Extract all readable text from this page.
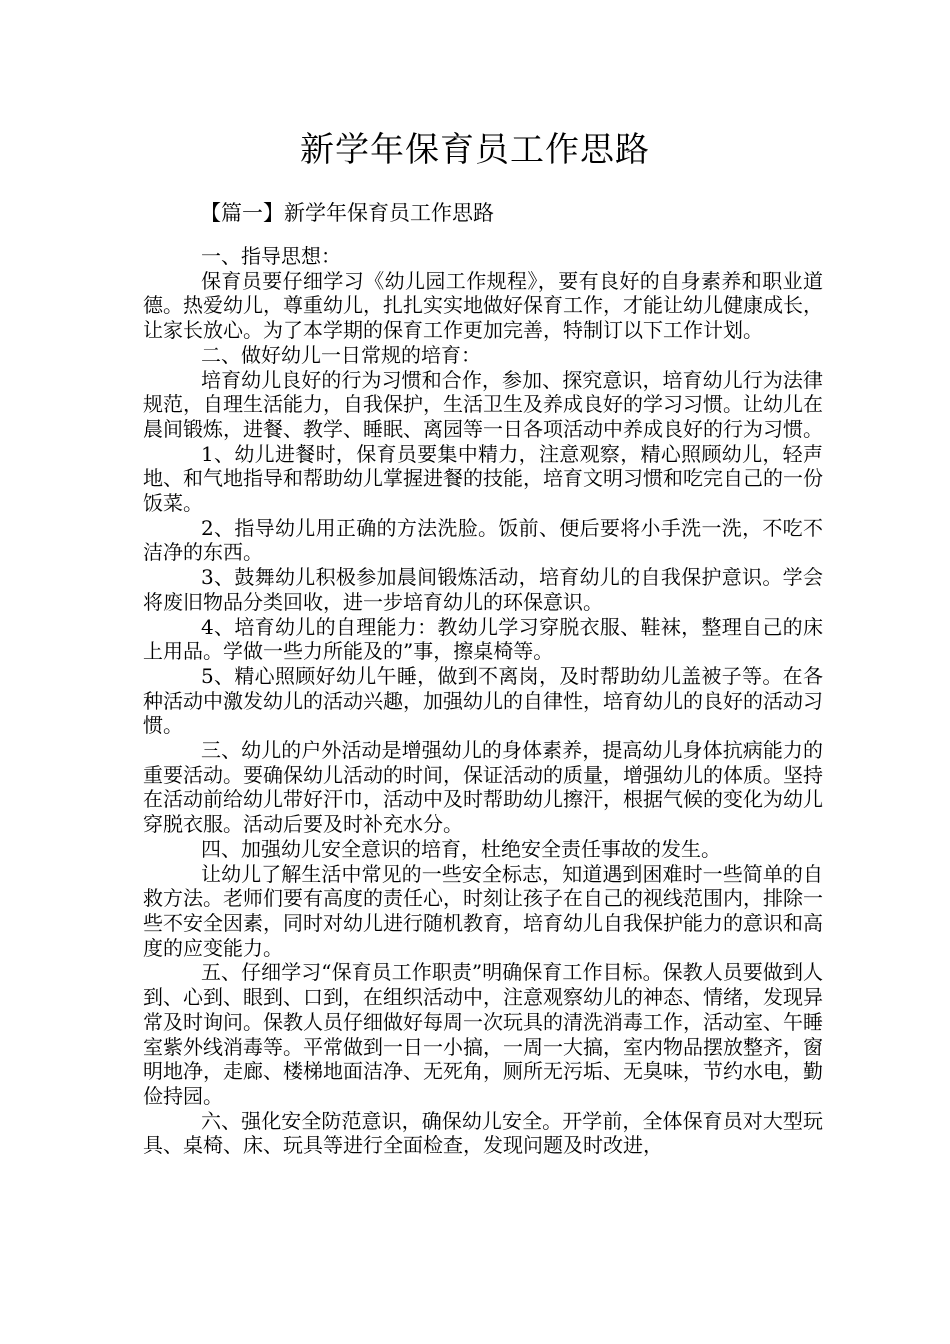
新学年保育员工作思路
【篇一】新学年保育员工作思路

一、指导思想：

保育员要仔细学习《幼儿园工作规程》，要有良好的自身素养和职业道德。热爱幼儿，尊重幼儿，扎扎实实地做好保育工作，才能让幼儿健康成长，让家长放心。为了本学期的保育工作更加完善，特制订以下工作计划。

二、做好幼儿一日常规的培育：

培育幼儿良好的行为习惯和合作，参加、探究意识，培育幼儿行为法律规范，自理生活能力，自我保护，生活卫生及养成良好的学习习惯。让幼儿在晨间锻炼，进餐、教学、睡眠、离园等一日各项活动中养成良好的行为习惯。

1、幼儿进餐时，保育员要集中精力，注意观察，精心照顾幼儿，轻声地、和气地指导和帮助幼儿掌握进餐的技能，培育文明习惯和吃完自己的一份饭菜。

2、指导幼儿用正确的方法洗脸。饭前、便后要将小手洗一洗，不吃不洁净的东西。

3、鼓舞幼儿积极参加晨间锻炼活动，培育幼儿的自我保护意识。学会将废旧物品分类回收，进一步培育幼儿的环保意识。

4、培育幼儿的自理能力：教幼儿学习穿脱衣服、鞋袜，整理自己的床上用品。学做一些力所能及的”事，擦桌椅等。

5、精心照顾好幼儿午睡，做到不离岗，及时帮助幼儿盖被子等。在各种活动中激发幼儿的活动兴趣，加强幼儿的自律性，培育幼儿的良好的活动习惯。

三、幼儿的户外活动是增强幼儿的身体素养，提高幼儿身体抗病能力的重要活动。要确保幼儿活动的时间，保证活动的质量，增强幼儿的体质。坚持在活动前给幼儿带好汗巾，活动中及时帮助幼儿擦汗，根据气候的变化为幼儿穿脱衣服。活动后要及时补充水分。

四、加强幼儿安全意识的培育，杜绝安全责任事故的发生。

让幼儿了解生活中常见的一些安全标志，知道遇到困难时一些简单的自救方法。老师们要有高度的责任心，时刻让孩子在自己的视线范围内，排除一些不安全因素，同时对幼儿进行随机教育，培育幼儿自我保护能力的意识和高度的应变能力。

五、仔细学习“保育员工作职责”明确保育工作目标。保教人员要做到人到、心到、眼到、口到，在组织活动中，注意观察幼儿的神态、情绪，发现异常及时询问。保教人员仔细做好每周一次玩具的清洗消毒工作，活动室、午睡室紫外线消毒等。平常做到一日一小搞，一周一大搞，室内物品摆放整齐，窗明地净，走廊、楼梯地面洁净、无死角，厕所无污垢、无臭味，节约水电，勤俭持园。

六、强化安全防范意识，确保幼儿安全。开学前，全体保育员对大型玩具、桌椅、床、玩具等进行全面检查，发现问题及时改进，
